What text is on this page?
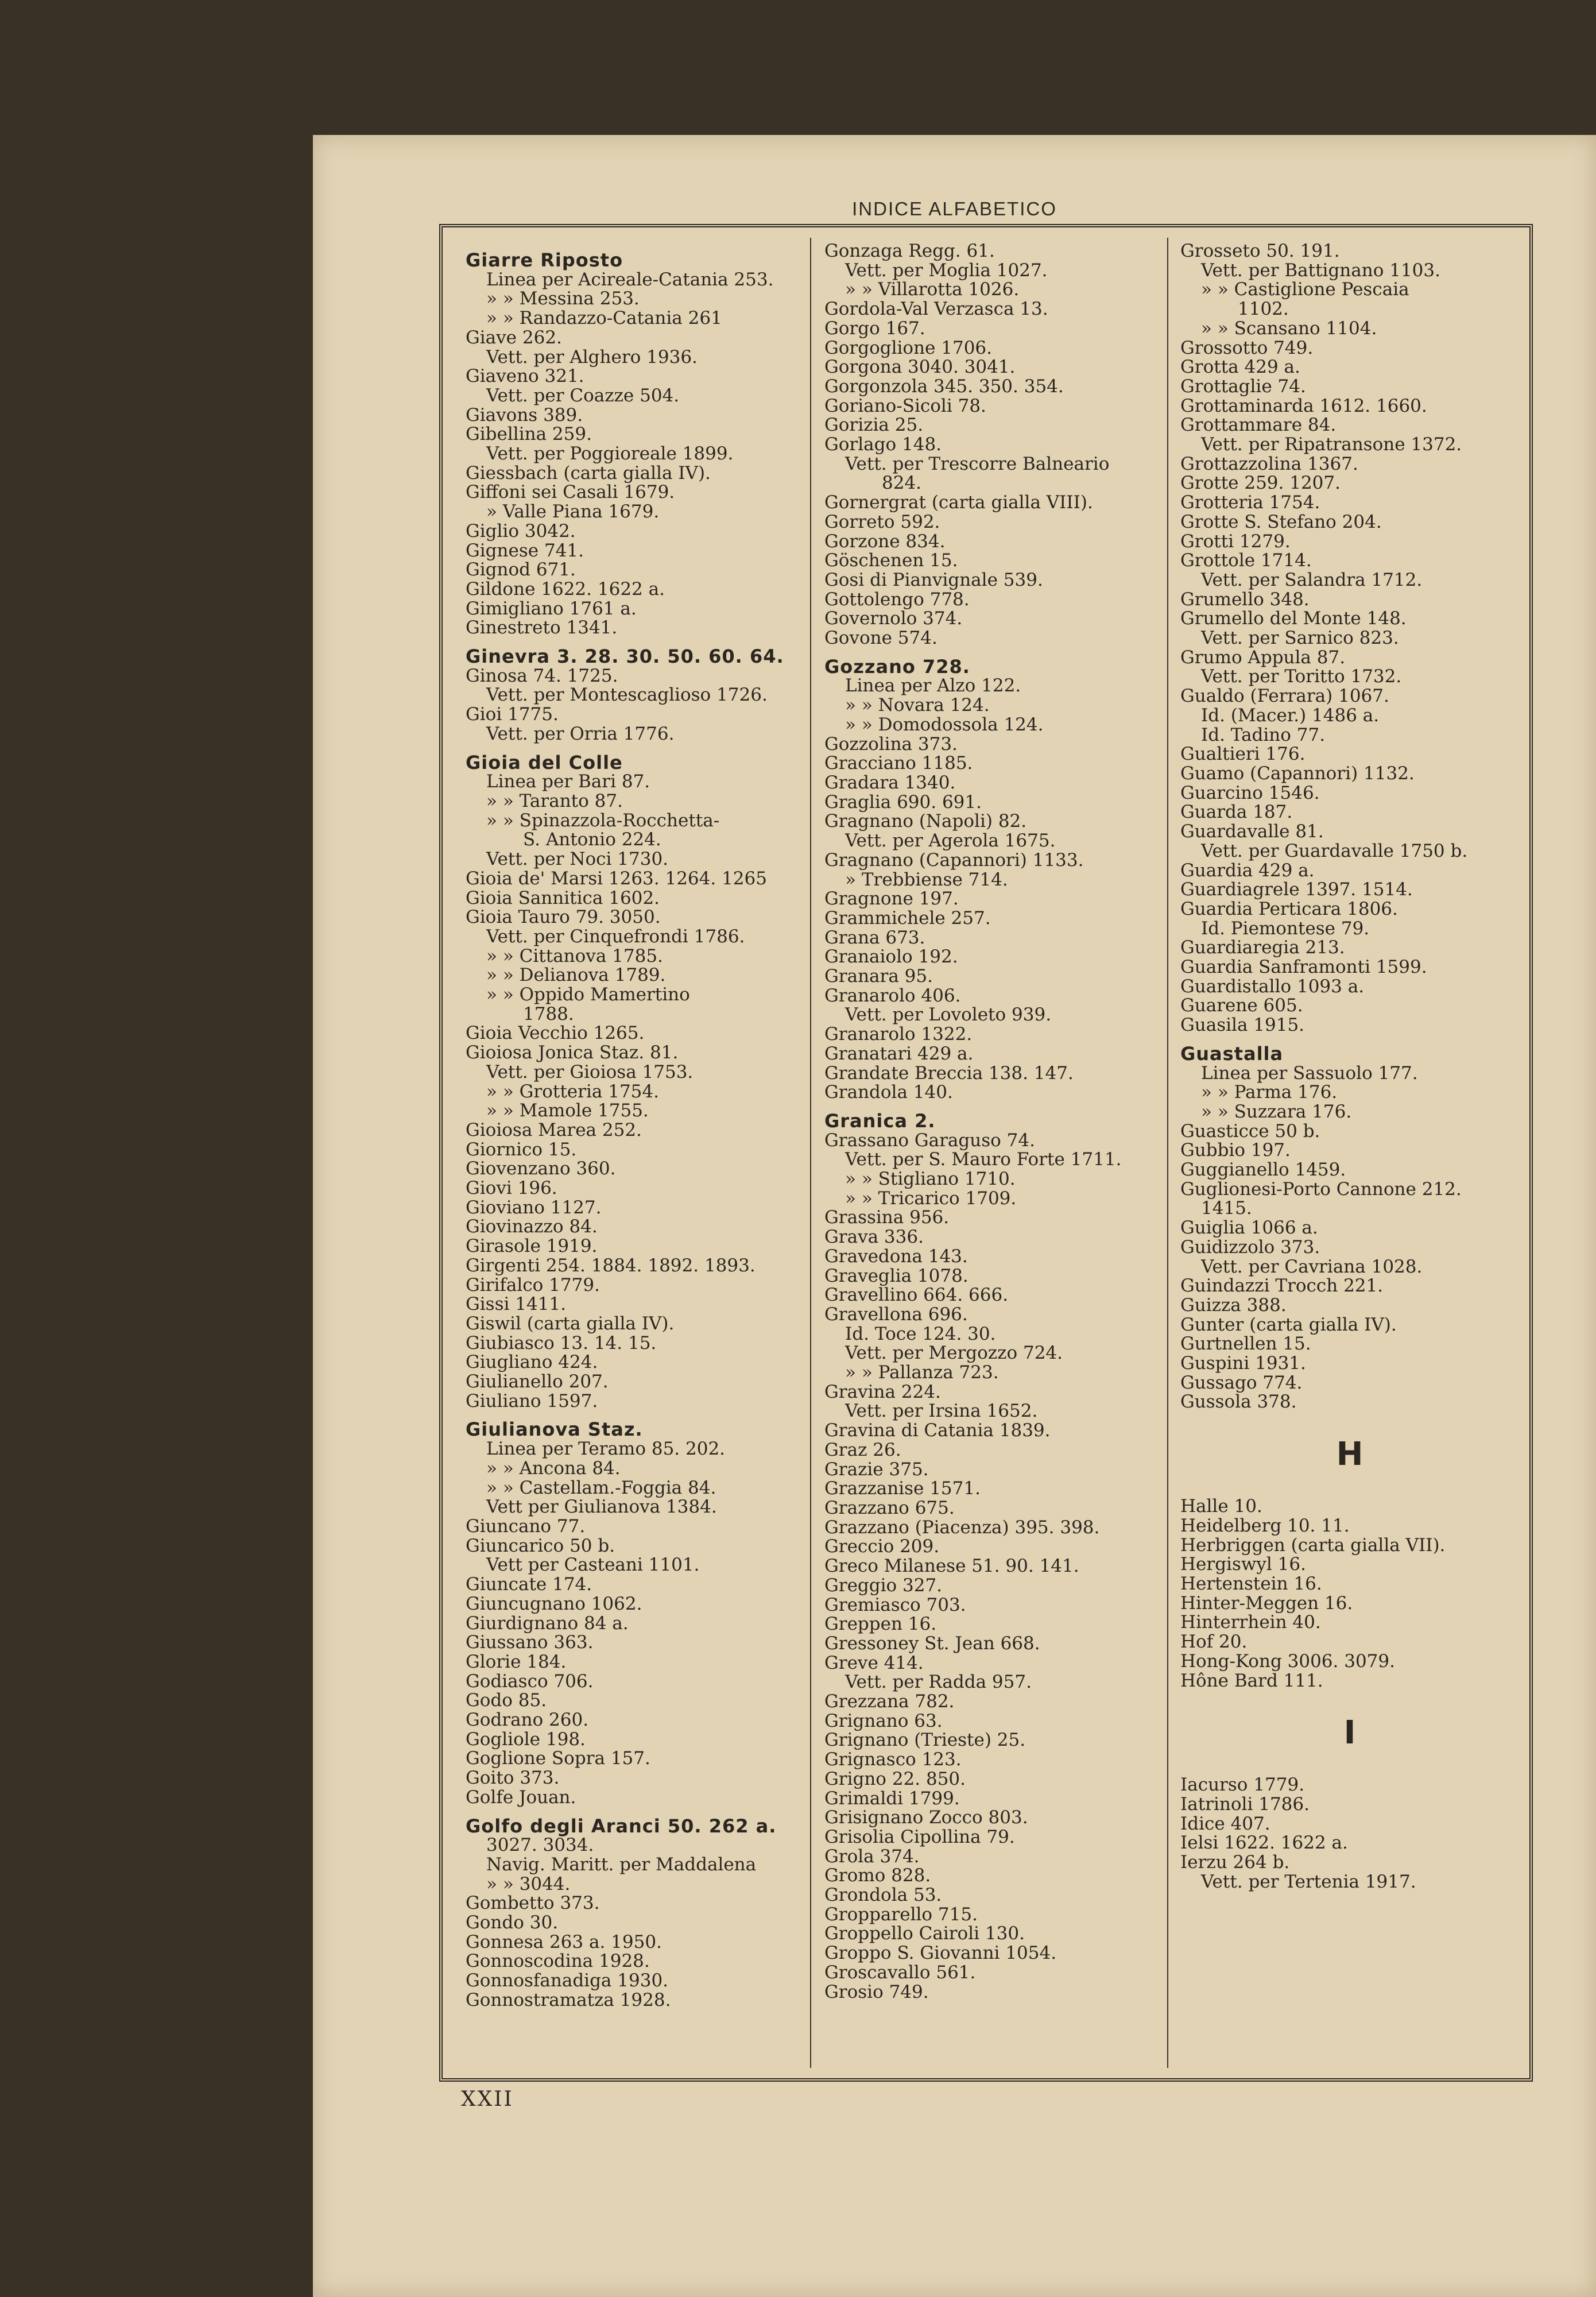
INDICE ALFABETICO
Giarre Riposto
Linea per Acireale-Catania 253.
» » Messina 253.
» » Randazzo-Catania 261
Giave 262.
Vett. per Alghero 1936.
Giaveno 321.
Vett. per Coazze 504.
Giavons 389.
Gibellina 259.
Vett. per Poggioreale 1899.
Giessbach (carta gialla IV).
Giffoni sei Casali 1679.
» Valle Piana 1679.
Giglio 3042.
Gignese 741.
Gignod 671.
Gildone 1622. 1622 a.
Gimigliano 1761 a.
Ginestreto 1341.
Ginevra 3. 28. 30. 50. 60. 64.
Ginosa 74. 1725.
Vett. per Montescaglioso 1726.
Gioi 1775.
Vett. per Orria 1776.
Gioia del Colle
Linea per Bari 87.
» » Taranto 87.
» » Spinazzola-Rocchetta-
S. Antonio 224.
Vett. per Noci 1730.
Gioia de' Marsi 1263. 1264. 1265
Gioia Sannitica 1602.
Gioia Tauro 79. 3050.
Vett. per Cinquefrondi 1786.
» » Cittanova 1785.
» » Delianova 1789.
» » Oppido Mamertino
1788.
Gioia Vecchio 1265.
Gioiosa Jonica Staz. 81.
Vett. per Gioiosa 1753.
» » Grotteria 1754.
» » Mamole 1755.
Gioiosa Marea 252.
Giornico 15.
Giovenzano 360.
Giovi 196.
Gioviano 1127.
Giovinazzo 84.
Girasole 1919.
Girgenti 254. 1884. 1892. 1893.
Girifalco 1779.
Gissi 1411.
Giswil (carta gialla IV).
Giubiasco 13. 14. 15.
Giugliano 424.
Giulianello 207.
Giuliano 1597.
Giulianova Staz.
Linea per Teramo 85. 202.
» » Ancona 84.
» » Castellam.-Foggia 84.
Vett per Giulianova 1384.
Giuncano 77.
Giuncarico 50 b.
Vett per Casteani 1101.
Giuncate 174.
Giuncugnano 1062.
Giurdignano 84 a.
Giussano 363.
Glorie 184.
Godiasco 706.
Godo 85.
Godrano 260.
Gogliole 198.
Goglione Sopra 157.
Goito 373.
Golfe Jouan.
Golfo degli Aranci 50. 262 a.
3027. 3034.
Navig. Maritt. per Maddalena
» » 3044.
Gombetto 373.
Gondo 30.
Gonnesa 263 a. 1950.
Gonnoscodina 1928.
Gonnosfanadiga 1930.
Gonnostramatza 1928.
Gonzaga Regg. 61.
Vett. per Moglia 1027.
» » Villarotta 1026.
Gordola-Val Verzasca 13.
Gorgo 167.
Gorgoglione 1706.
Gorgona 3040. 3041.
Gorgonzola 345. 350. 354.
Goriano-Sicoli 78.
Gorizia 25.
Gorlago 148.
Vett. per Trescorre Balneario
824.
Gornergrat (carta gialla VIII).
Gorreto 592.
Gorzone 834.
Göschenen 15.
Gosi di Pianvignale 539.
Gottolengo 778.
Governolo 374.
Govone 574.
Gozzano 728.
Linea per Alzo 122.
» » Novara 124.
» » Domodossola 124.
Gozzolina 373.
Gracciano 1185.
Gradara 1340.
Graglia 690. 691.
Gragnano (Napoli) 82.
Vett. per Agerola 1675.
Gragnano (Capannori) 1133.
» Trebbiense 714.
Gragnone 197.
Grammichele 257.
Grana 673.
Granaiolo 192.
Granara 95.
Granarolo 406.
Vett. per Lovoleto 939.
Granarolo 1322.
Granatari 429 a.
Grandate Breccia 138. 147.
Grandola 140.
Granica 2.
Grassano Garaguso 74.
Vett. per S. Mauro Forte 1711.
» » Stigliano 1710.
» » Tricarico 1709.
Grassina 956.
Grava 336.
Gravedona 143.
Graveglia 1078.
Gravellino 664. 666.
Gravellona 696.
Id. Toce 124. 30.
Vett. per Mergozzo 724.
» » Pallanza 723.
Gravina 224.
Vett. per Irsina 1652.
Gravina di Catania 1839.
Graz 26.
Grazie 375.
Grazzanise 1571.
Grazzano 675.
Grazzano (Piacenza) 395. 398.
Greccio 209.
Greco Milanese 51. 90. 141.
Greggio 327.
Gremiasco 703.
Greppen 16.
Gressoney St. Jean 668.
Greve 414.
Vett. per Radda 957.
Grezzana 782.
Grignano 63.
Grignano (Trieste) 25.
Grignasco 123.
Grigno 22. 850.
Grimaldi 1799.
Grisignano Zocco 803.
Grisolia Cipollina 79.
Grola 374.
Gromo 828.
Grondola 53.
Gropparello 715.
Groppello Cairoli 130.
Groppo S. Giovanni 1054.
Groscavallo 561.
Grosio 749.
Grosseto 50. 191.
Vett. per Battignano 1103.
» » Castiglione Pescaia
1102.
» » Scansano 1104.
Grossotto 749.
Grotta 429 a.
Grottaglie 74.
Grottaminarda 1612. 1660.
Grottammare 84.
Vett. per Ripatransone 1372.
Grottazzolina 1367.
Grotte 259. 1207.
Grotteria 1754.
Grotte S. Stefano 204.
Grotti 1279.
Grottole 1714.
Vett. per Salandra 1712.
Grumello 348.
Grumello del Monte 148.
Vett. per Sarnico 823.
Grumo Appula 87.
Vett. per Toritto 1732.
Gualdo (Ferrara) 1067.
Id. (Macer.) 1486 a.
Id. Tadino 77.
Gualtieri 176.
Guamo (Capannori) 1132.
Guarcino 1546.
Guarda 187.
Guardavalle 81.
Vett. per Guardavalle 1750 b.
Guardia 429 a.
Guardiagrele 1397. 1514.
Guardia Perticara 1806.
Id. Piemontese 79.
Guardiaregia 213.
Guardia Sanframonti 1599.
Guardistallo 1093 a.
Guarene 605.
Guasila 1915.
Guastalla
Linea per Sassuolo 177.
» » Parma 176.
» » Suzzara 176.
Guasticce 50 b.
Gubbio 197.
Guggianello 1459.
Guglionesi-Porto Cannone 212.
1415.
Guiglia 1066 a.
Guidizzolo 373.
Vett. per Cavriana 1028.
Guindazzi Trocch 221.
Guizza 388.
Gunter (carta gialla IV).
Gurtnellen 15.
Guspini 1931.
Gussago 774.
Gussola 378.
H
Halle 10.
Heidelberg 10. 11.
Herbriggen (carta gialla VII).
Hergiswyl 16.
Hertenstein 16.
Hinter-Meggen 16.
Hinterrhein 40.
Hof 20.
Hong-Kong 3006. 3079.
Hône Bard 111.
I
Iacurso 1779.
Iatrinoli 1786.
Idice 407.
Ielsi 1622. 1622 a.
Ierzu 264 b.
Vett. per Tertenia 1917.
XXII
